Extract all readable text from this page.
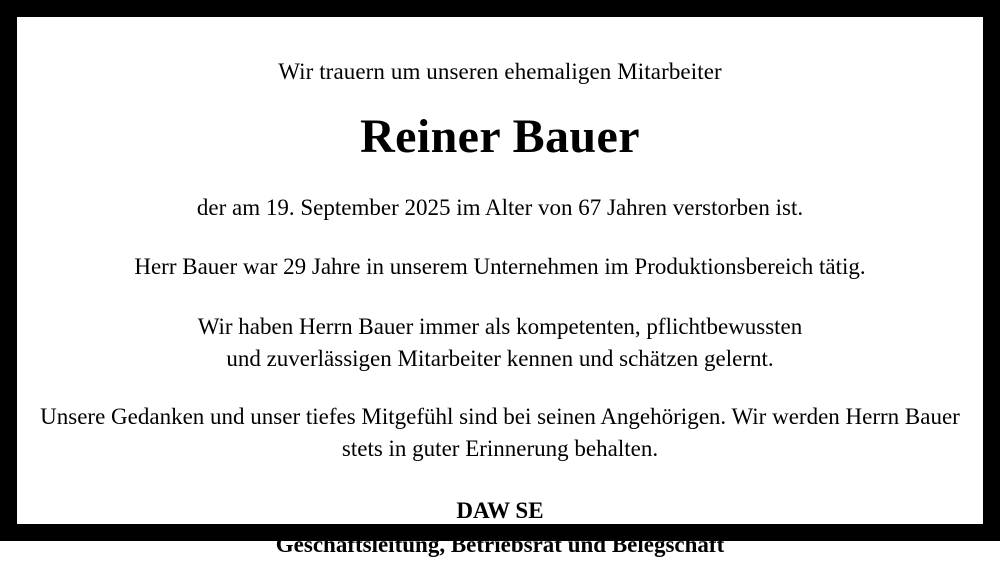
Wir trauern um unseren ehemaligen Mitarbeiter
Reiner Bauer
der am 19. September 2025 im Alter von 67 Jahren verstorben ist.
Herr Bauer war 29 Jahre in unserem Unternehmen im Produktionsbereich tätig.
Wir haben Herrn Bauer immer als kompetenten, pflichtbewussten
und zuverlässigen Mitarbeiter kennen und schätzen gelernt.
Unsere Gedanken und unser tiefes Mitgefühl sind bei seinen Angehörigen. Wir werden Herrn Bauer stets in guter Erinnerung behalten.
DAW SE
Geschäftsleitung, Betriebsrat und Belegschaft
